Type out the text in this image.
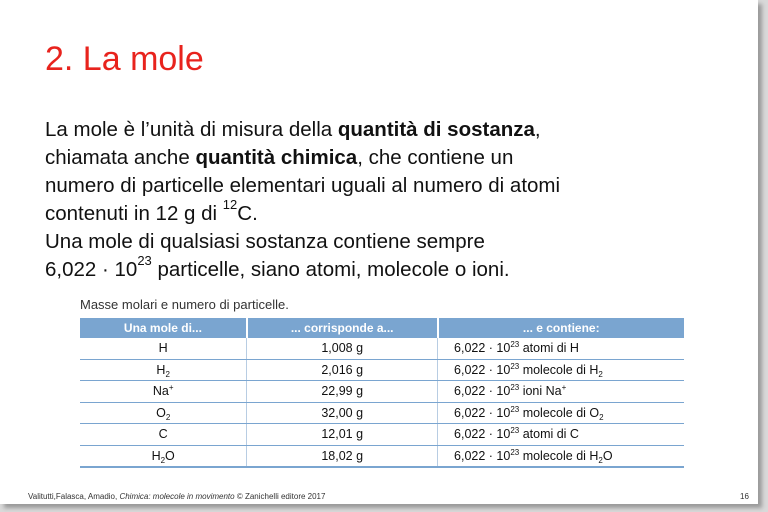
2. La mole
La mole è l’unità di misura della quantità di sostanza,
chiamata anche quantità chimica, che contiene un
numero di particelle elementari uguali al numero di atomi
contenuti in 12 g di $^{12}$C.
Una mole di qualsiasi sostanza contiene sempre
$6,022 \cdot 10^{23}$ particelle, siano atomi, molecole o ioni.
Masse molari e numero di particelle.
Una mole di...	... corrisponde a...	... e contiene:
H	1,008 g	$6,022 \cdot 10^{23}$ atomi di H
$H_2$	2,016 g	$6,022 \cdot 10^{23}$ molecole di $H_2$
Na+	22,99 g	$6,022 \cdot 10^{23}$ ioni Na+
$O_2$	32,00 g	$6,022 \cdot 10^{23}$ molecole di $O_2$
C	12,01 g	$6,022 \cdot 10^{23}$ atomi di C
$H_2O$	18,02 g	$6,022 \cdot 10^{23}$ molecole di $H_2O$
Valitutti,Falasca, Amadio, Chimica: molecole in movimento © Zanichelli editore 2017	16
